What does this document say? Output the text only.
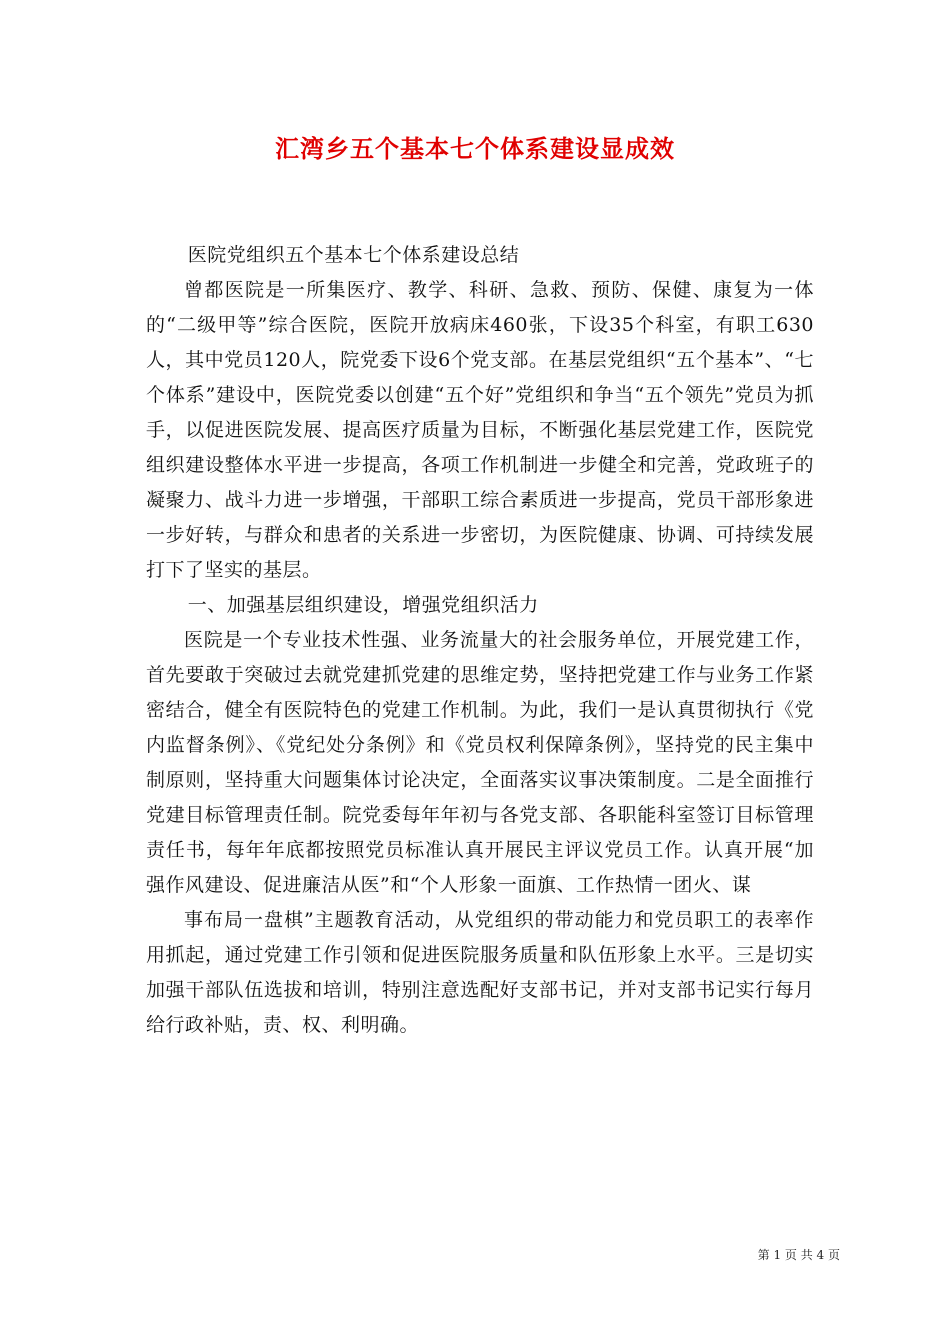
汇湾乡五个基本七个体系建设显成效

医院党组织五个基本七个体系建设总结

曾都医院是一所集医疗、教学、科研、急救、预防、保健、康复为一体的“二级甲等”综合医院，医院开放病床460张，下设35个科室，有职工630人，其中党员120人，院党委下设6个党支部。在基层党组织“五个基本”、“七个体系”建设中，医院党委以创建“五个好”党组织和争当“五个领先”党员为抓手，以促进医院发展、提高医疗质量为目标，不断强化基层党建工作，医院党组织建设整体水平进一步提高，各项工作机制进一步健全和完善，党政班子的凝聚力、战斗力进一步增强，干部职工综合素质进一步提高，党员干部形象进一步好转，与群众和患者的关系进一步密切，为医院健康、协调、可持续发展打下了坚实的基层。

一、加强基层组织建设，增强党组织活力

医院是一个专业技术性强、业务流量大的社会服务单位，开展党建工作，首先要敢于突破过去就党建抓党建的思维定势，坚持把党建工作与业务工作紧密结合，健全有医院特色的党建工作机制。为此，我们一是认真贯彻执行《党内监督条例》、《党纪处分条例》和《党员权利保障条例》，坚持党的民主集中制原则，坚持重大问题集体讨论决定，全面落实议事决策制度。二是全面推行党建目标管理责任制。院党委每年年初与各党支部、各职能科室签订目标管理责任书，每年年底都按照党员标准认真开展民主评议党员工作。认真开展“加强作风建设、促进廉洁从医”和“个人形象一面旗、工作热情一团火、谋

事布局一盘棋”主题教育活动，从党组织的带动能力和党员职工的表率作用抓起，通过党建工作引领和促进医院服务质量和队伍形象上水平。三是切实加强干部队伍选拔和培训，特别注意选配好支部书记，并对支部书记实行每月给行政补贴，责、权、利明确。

第 1 页 共 4 页
